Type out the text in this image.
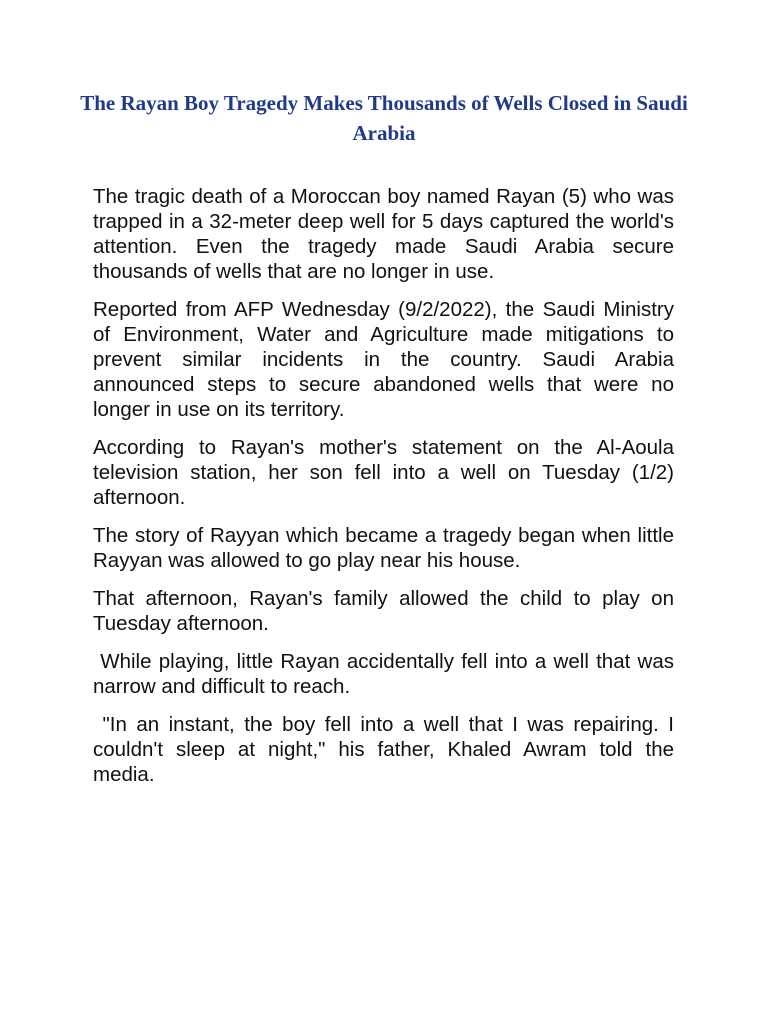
The Rayan Boy Tragedy Makes Thousands of Wells Closed in Saudi Arabia

The tragic death of a Moroccan boy named Rayan (5) who was trapped in a 32-meter deep well for 5 days captured the world's attention. Even the tragedy made Saudi Arabia secure thousands of wells that are no longer in use.

Reported from AFP Wednesday (9/2/2022), the Saudi Ministry of Environment, Water and Agriculture made mitigations to prevent similar incidents in the country. Saudi Arabia announced steps to secure abandoned wells that were no longer in use on its territory.

According to Rayan's mother's statement on the Al-Aoula television station, her son fell into a well on Tuesday (1/2) afternoon.

The story of Rayyan which became a tragedy began when little Rayyan was allowed to go play near his house.

That afternoon, Rayan's family allowed the child to play on Tuesday afternoon.

While playing, little Rayan accidentally fell into a well that was narrow and difficult to reach.

"In an instant, the boy fell into a well that I was repairing. I couldn't sleep at night," his father, Khaled Awram told the media.
